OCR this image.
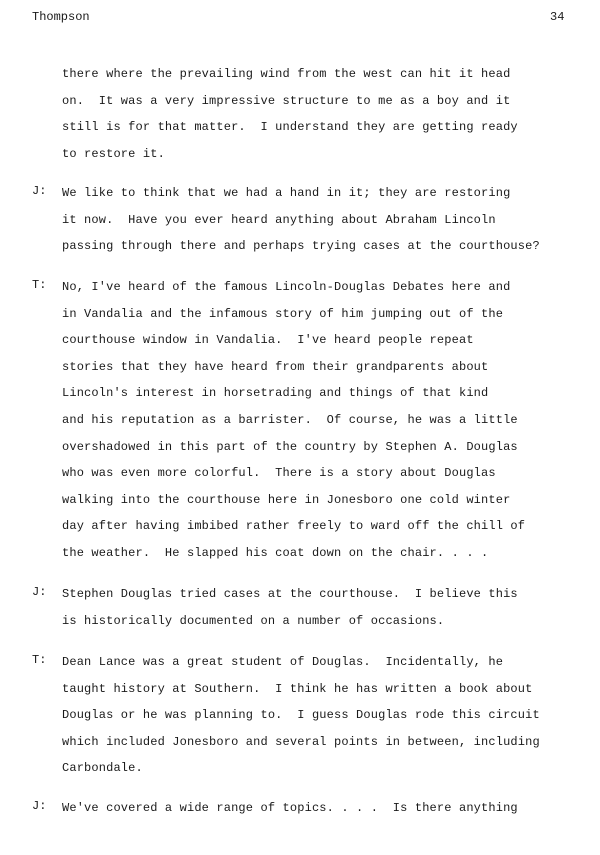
Thompson	34
there where the prevailing wind from the west can hit it head
on.  It was a very impressive structure to me as a boy and it
still is for that matter.  I understand they are getting ready
to restore it.
J: We like to think that we had a hand in it; they are restoring
it now.  Have you ever heard anything about Abraham Lincoln
passing through there and perhaps trying cases at the courthouse?
T: No, I've heard of the famous Lincoln-Douglas Debates here and
in Vandalia and the infamous story of him jumping out of the
courthouse window in Vandalia.  I've heard people repeat
stories that they have heard from their grandparents about
Lincoln's interest in horsetrading and things of that kind
and his reputation as a barrister.  Of course, he was a little
overshadowed in this part of the country by Stephen A. Douglas
who was even more colorful.  There is a story about Douglas
walking into the courthouse here in Jonesboro one cold winter
day after having imbibed rather freely to ward off the chill of
the weather.  He slapped his coat down on the chair. . . .
J: Stephen Douglas tried cases at the courthouse.  I believe this
is historically documented on a number of occasions.
T: Dean Lance was a great student of Douglas.  Incidentally, he
taught history at Southern.  I think he has written a book about
Douglas or he was planning to.  I guess Douglas rode this circuit
which included Jonesboro and several points in between, including
Carbondale.
J: We've covered a wide range of topics. . . .  Is there anything
